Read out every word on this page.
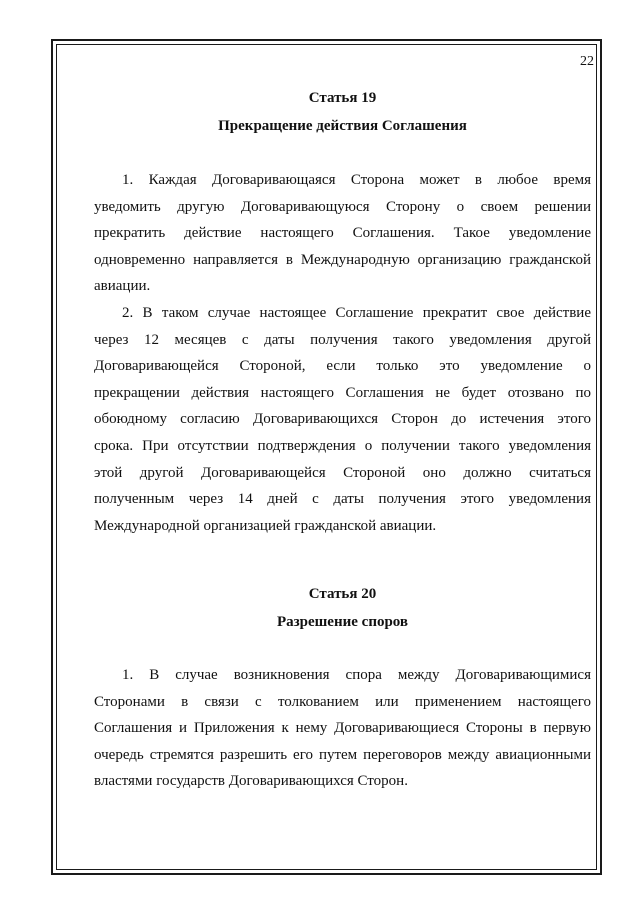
22
Статья 19
Прекращение действия Соглашения

1. Каждая Договаривающаяся Сторона может в любое время
уведомить другую Договаривающуюся Сторону о своем решении
прекратить действие настоящего Соглашения. Такое уведомление
одновременно направляется в Международную организацию гражданской
авиации.

2. В таком случае настоящее Соглашение прекратит свое действие
через 12 месяцев с даты получения такого уведомления другой
Договаривающейся Стороной, если только это уведомление о
прекращении действия настоящего Соглашения не будет отозвано по
обоюдному согласию Договаривающихся Сторон до истечения этого
срока. При отсутствии подтверждения о получении такого уведомления
этой другой Договаривающейся Стороной оно должно считаться
полученным через 14 дней с даты получения этого уведомления
Международной организацией гражданской авиации.

Статья 20
Разрешение споров

1. В случае возникновения спора между Договаривающимися
Сторонами в связи с толкованием или применением настоящего
Соглашения и Приложения к нему Договаривающиеся Стороны в первую
очередь стремятся разрешить его путем переговоров между авиационными
властями государств Договаривающихся Сторон.
